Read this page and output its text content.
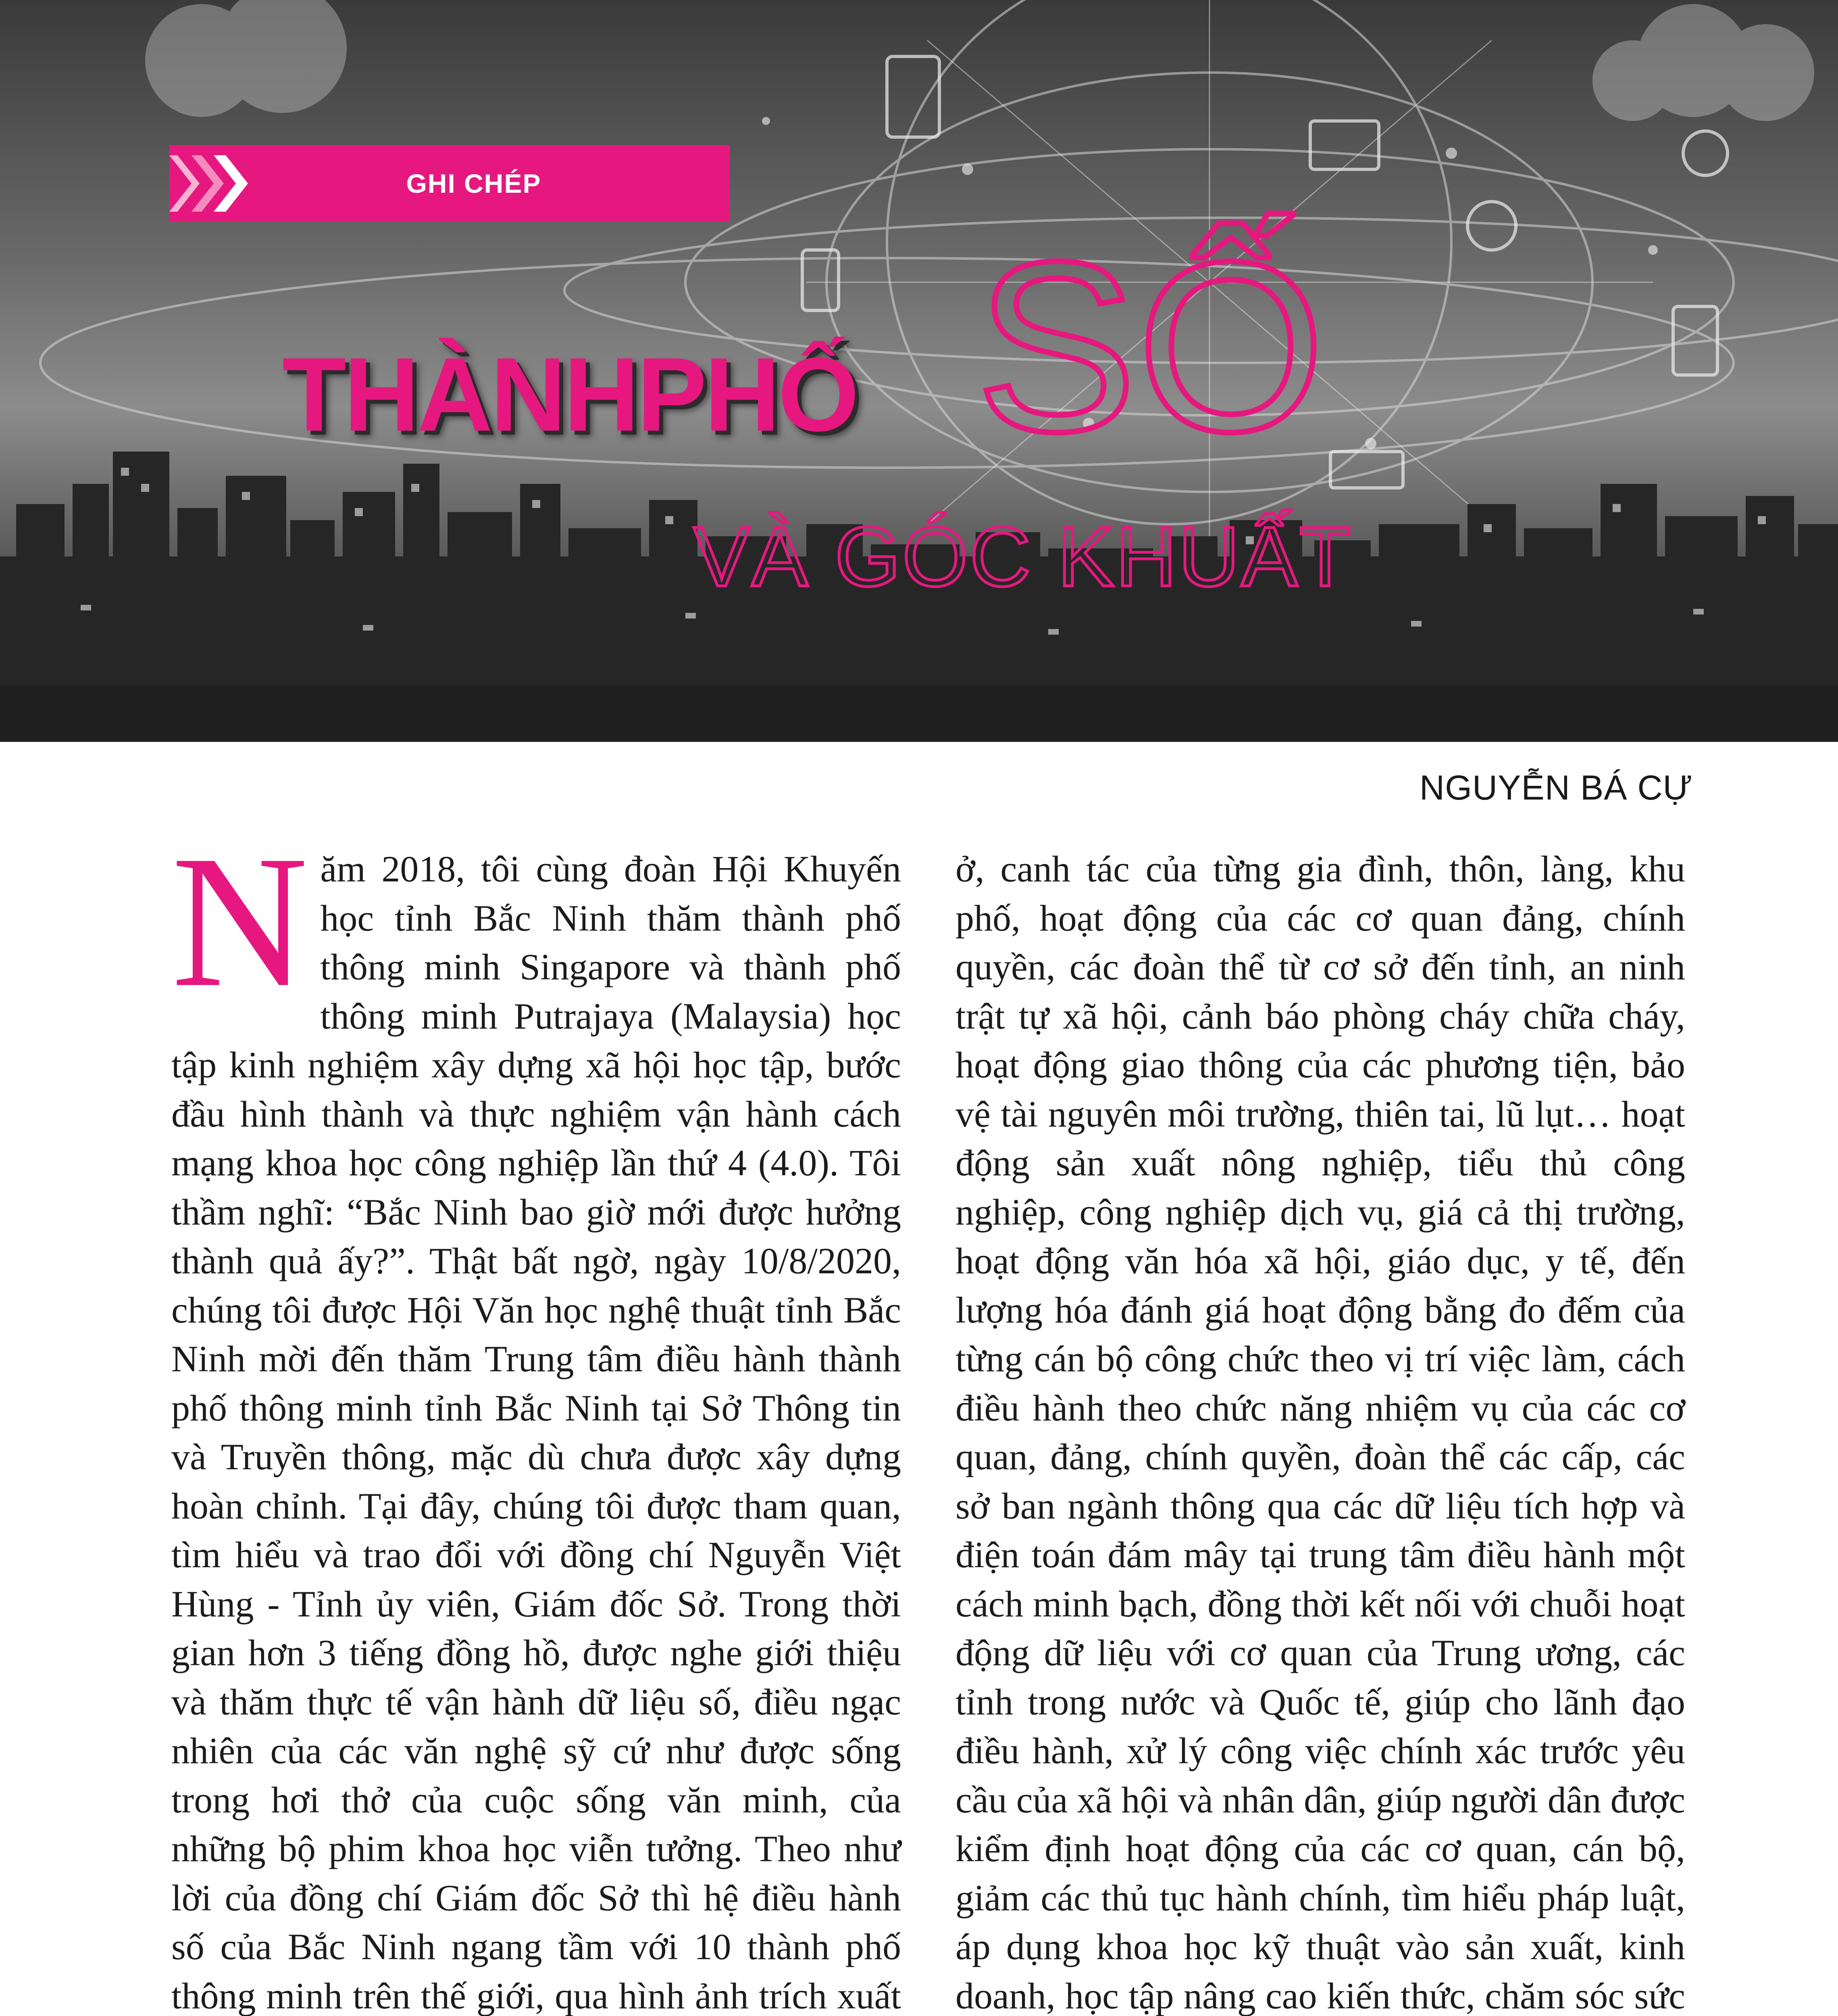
GHI CHÉP
THÀNHPHỐ SỐ
VÀ GÓC KHUẤT
NGUYỄN BÁ CỰ

Năm 2018, tôi cùng đoàn Hội Khuyến học tỉnh Bắc Ninh thăm thành phố thông minh Singapore và thành phố thông minh Putrajaya (Malaysia) học tập kinh nghiệm xây dựng xã hội học tập, bước đầu hình thành và thực nghiệm vận hành cách mạng khoa học công nghiệp lần thứ 4 (4.0). Tôi thầm nghĩ: “Bắc Ninh bao giờ mới được hưởng thành quả ấy?”. Thật bất ngờ, ngày 10/8/2020, chúng tôi được Hội Văn học nghệ thuật tỉnh Bắc Ninh mời đến thăm Trung tâm điều hành thành phố thông minh tỉnh Bắc Ninh tại Sở Thông tin và Truyền thông, mặc dù chưa được xây dựng hoàn chỉnh. Tại đây, chúng tôi được tham quan, tìm hiểu và trao đổi với đồng chí Nguyễn Việt Hùng - Tỉnh ủy viên, Giám đốc Sở. Trong thời gian hơn 3 tiếng đồng hồ, được nghe giới thiệu và thăm thực tế vận hành dữ liệu số, điều ngạc nhiên của các văn nghệ sỹ cứ như được sống trong hơi thở của cuộc sống văn minh, của những bộ phim khoa học viễn tưởng. Theo như lời của đồng chí Giám đốc Sở thì hệ điều hành số của Bắc Ninh ngang tầm với 10 thành phố thông minh trên thế giới, qua hình ảnh trích xuất

ở, canh tác của từng gia đình, thôn, làng, khu phố, hoạt động của các cơ quan đảng, chính quyền, các đoàn thể từ cơ sở đến tỉnh, an ninh trật tự xã hội, cảnh báo phòng cháy chữa cháy, hoạt động giao thông của các phương tiện, bảo vệ tài nguyên môi trường, thiên tai, lũ lụt… hoạt động sản xuất nông nghiệp, tiểu thủ công nghiệp, công nghiệp dịch vụ, giá cả thị trường, hoạt động văn hóa xã hội, giáo dục, y tế, đến lượng hóa đánh giá hoạt động bằng đo đếm của từng cán bộ công chức theo vị trí việc làm, cách điều hành theo chức năng nhiệm vụ của các cơ quan, đảng, chính quyền, đoàn thể các cấp, các sở ban ngành thông qua các dữ liệu tích hợp và điện toán đám mây tại trung tâm điều hành một cách minh bạch, đồng thời kết nối với chuỗi hoạt động dữ liệu với cơ quan của Trung ương, các tỉnh trong nước và Quốc tế, giúp cho lãnh đạo điều hành, xử lý công việc chính xác trước yêu cầu của xã hội và nhân dân, giúp người dân được kiểm định hoạt động của các cơ quan, cán bộ, giảm các thủ tục hành chính, tìm hiểu pháp luật, áp dụng khoa học kỹ thuật vào sản xuất, kinh doanh, học tập nâng cao kiến thức, chăm sóc sức
